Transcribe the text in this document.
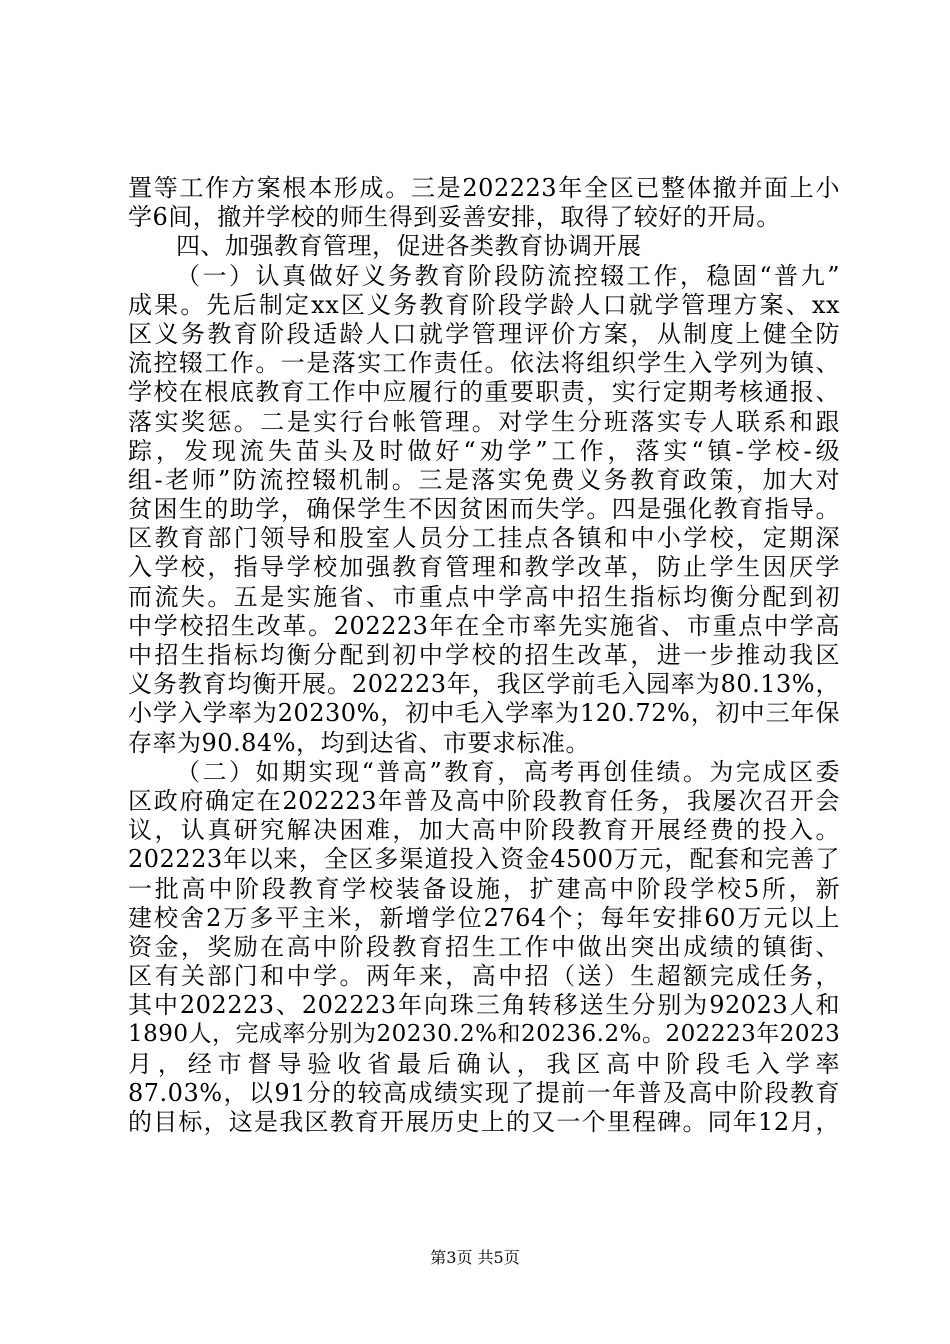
置等工作方案根本形成。三是202223年全区已整体撤并面上小
学6间，撤并学校的师生得到妥善安排，取得了较好的开局。
四、加强教育管理，促进各类教育协调开展
（一）认真做好义务教育阶段防流控辍工作，稳固“普九”
成果。先后制定xx区义务教育阶段学龄人口就学管理方案、xx
区义务教育阶段适龄人口就学管理评价方案，从制度上健全防
流控辍工作。一是落实工作责任。依法将组织学生入学列为镇、
学校在根底教育工作中应履行的重要职责，实行定期考核通报、
落实奖惩。二是实行台帐管理。对学生分班落实专人联系和跟
踪，发现流失苗头及时做好“劝学”工作，落实“镇-学校-级
组-老师”防流控辍机制。三是落实免费义务教育政策，加大对
贫困生的助学，确保学生不因贫困而失学。四是强化教育指导。
区教育部门领导和股室人员分工挂点各镇和中小学校，定期深
入学校，指导学校加强教育管理和教学改革，防止学生因厌学
而流失。五是实施省、市重点中学高中招生指标均衡分配到初
中学校招生改革。202223年在全市率先实施省、市重点中学高
中招生指标均衡分配到初中学校的招生改革，进一步推动我区
义务教育均衡开展。202223年，我区学前毛入园率为80.13%，
小学入学率为20230%，初中毛入学率为120.72%，初中三年保
存率为90.84%，均到达省、市要求标准。
（二）如期实现“普高”教育，高考再创佳绩。为完成区委
区政府确定在202223年普及高中阶段教育任务，我屡次召开会
议，认真研究解决困难，加大高中阶段教育开展经费的投入。
202223年以来，全区多渠道投入资金4500万元，配套和完善了
一批高中阶段教育学校装备设施，扩建高中阶段学校5所，新
建校舍2万多平主米，新增学位2764个；每年安排60万元以上
资金，奖励在高中阶段教育招生工作中做出突出成绩的镇街、
区有关部门和中学。两年来，高中招（送）生超额完成任务，
其中202223、202223年向珠三角转移送生分别为92023人和
1890人，完成率分别为20230.2%和20236.2%。202223年2023
月，经市督导验收省最后确认，我区高中阶段毛入学率
87.03%，以91分的较高成绩实现了提前一年普及高中阶段教育
的目标，这是我区教育开展历史上的又一个里程碑。同年12月，
第3页 共5页
